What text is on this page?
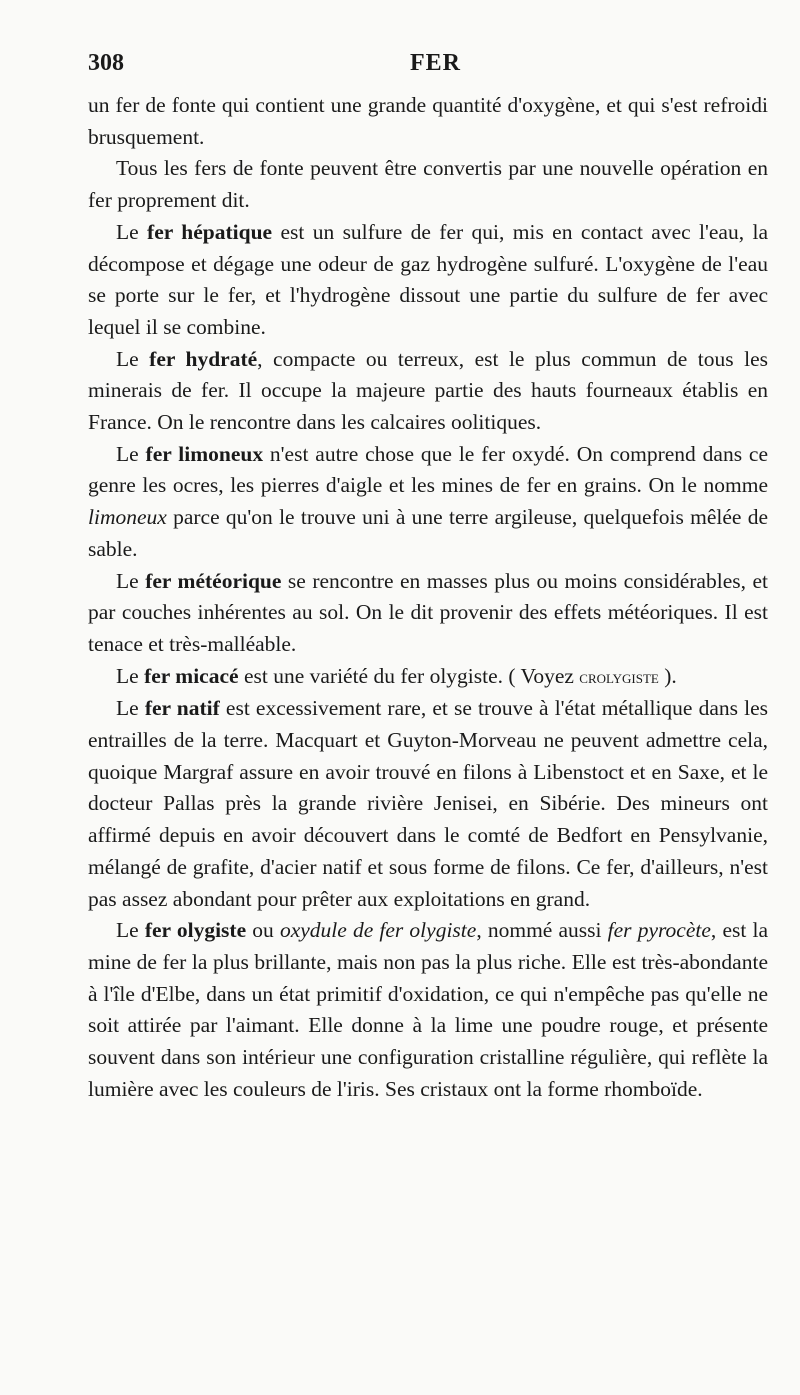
308	FER

un fer de fonte qui contient une grande quantité d'oxygène, et qui s'est refroidi brusquement.

Tous les fers de fonte peuvent être convertis par une nouvelle opération en fer proprement dit.

Le fer hépatique est un sulfure de fer qui, mis en contact avec l'eau, la décompose et dégage une odeur de gaz hydrogène sulfuré. L'oxygène de l'eau se porte sur le fer, et l'hydrogène dissout une partie du sulfure de fer avec lequel il se combine.

Le fer hydraté, compacte ou terreux, est le plus commun de tous les minerais de fer. Il occupe la majeure partie des hauts fourneaux établis en France. On le rencontre dans les calcaires oolitiques.

Le fer limoneux n'est autre chose que le fer oxydé. On comprend dans ce genre les ocres, les pierres d'aigle et les mines de fer en grains. On le nomme limoneux parce qu'on le trouve uni à une terre argileuse, quelquefois mêlée de sable.

Le fer météorique se rencontre en masses plus ou moins considérables, et par couches inhérentes au sol. On le dit provenir des effets météoriques. Il est tenace et très-malléable.

Le fer micacé est une variété du fer olygiste. ( Voyez crolygiste ).

Le fer natif est excessivement rare, et se trouve à l'état métallique dans les entrailles de la terre. Macquart et Guyton-Morveau ne peuvent admettre cela, quoique Margraf assure en avoir trouvé en filons à Libenstoct et en Saxe, et le docteur Pallas près la grande rivière Jenisei, en Sibérie. Des mineurs ont affirmé depuis en avoir découvert dans le comté de Bedfort en Pensylvanie, mélangé de grafite, d'acier natif et sous forme de filons. Ce fer, d'ailleurs, n'est pas assez abondant pour prêter aux exploitations en grand.

Le fer olygiste ou oxydule de fer olygiste, nommé aussi fer pyrocète, est la mine de fer la plus brillante, mais non pas la plus riche. Elle est très-abondante à l'île d'Elbe, dans un état primitif d'oxidation, ce qui n'empêche pas qu'elle ne soit attirée par l'aimant. Elle donne à la lime une poudre rouge, et présente souvent dans son intérieur une configuration cristalline régulière, qui reflète la lumière avec les couleurs de l'iris. Ses cristaux ont la forme rhomboïde.
